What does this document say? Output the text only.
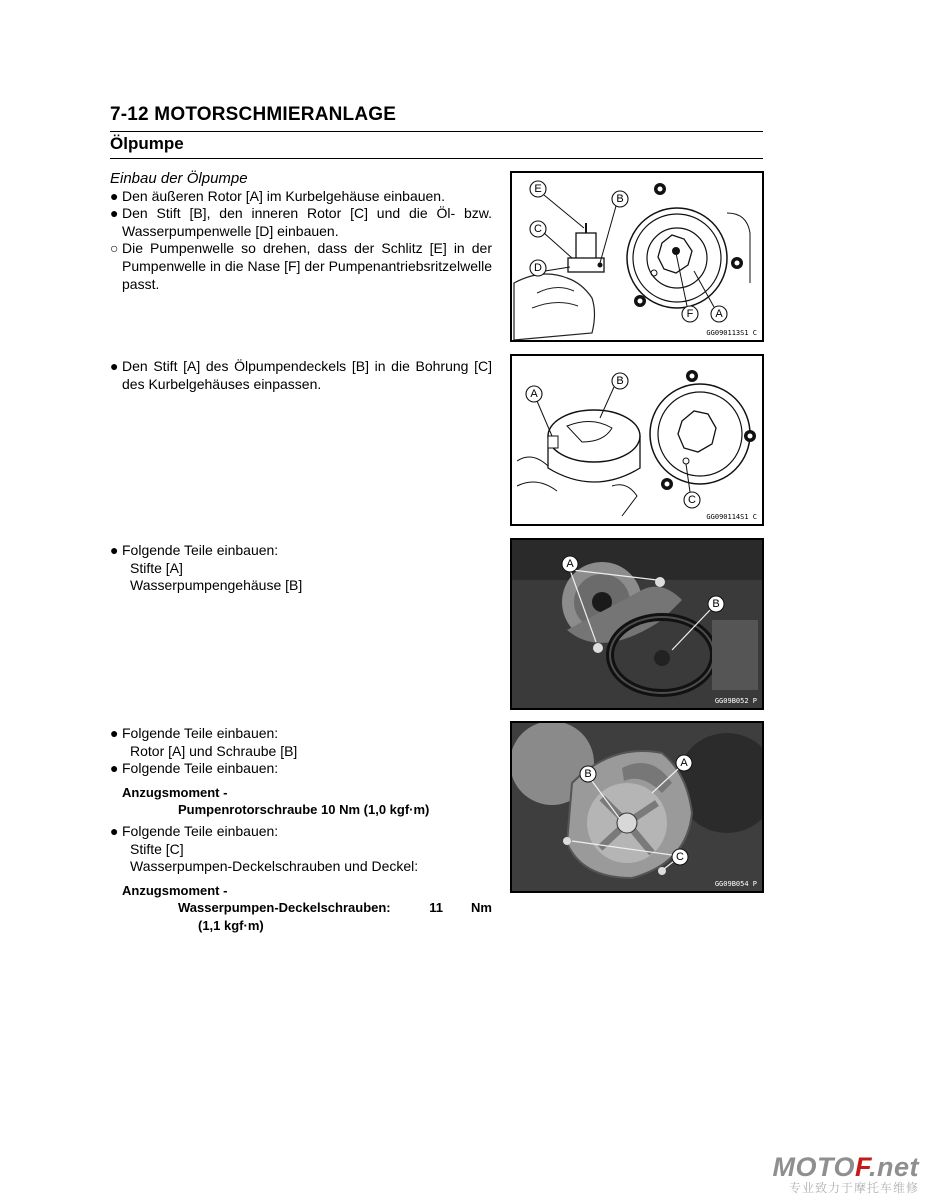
7-12 MOTORSCHMIERANLAGE
Ölpumpe
Einbau der Ölpumpe
● Den äußeren Rotor [A] im Kurbelgehäuse einbauen.
● Den Stift [B], den inneren Rotor [C] und die Öl- bzw. Wasserpumpenwelle [D] einbauen.
○ Die Pumpenwelle so drehen, dass der Schlitz [E] in der Pumpenwelle in die Nase [F] der Pumpenantriebsritzelwelle passt.
E
B
C
D
F A
GG090113S1 C
● Den Stift [A] des Ölpumpendeckels [B] in die Bohrung [C] des Kurbelgehäuses einpassen.
A
B
C
GG090114S1 C
● Folgende Teile einbauen:
Stifte [A]
Wasserpumpengehäuse [B]
A
B
GG09B052 P
● Folgende Teile einbauen:
Rotor [A] und Schraube [B]
● Folgende Teile einbauen:
Anzugsmoment -
Pumpenrotorschraube 10 Nm (1,0 kgf·m)
● Folgende Teile einbauen:
Stifte [C]
Wasserpumpen-Deckelschrauben und Deckel:
Anzugsmoment -
Wasserpumpen-Deckelschrauben:	11 Nm
(1,1 kgf·m)
B
A
C
GG09B054 P
MOTOF.net
专业致力于摩托车维修
